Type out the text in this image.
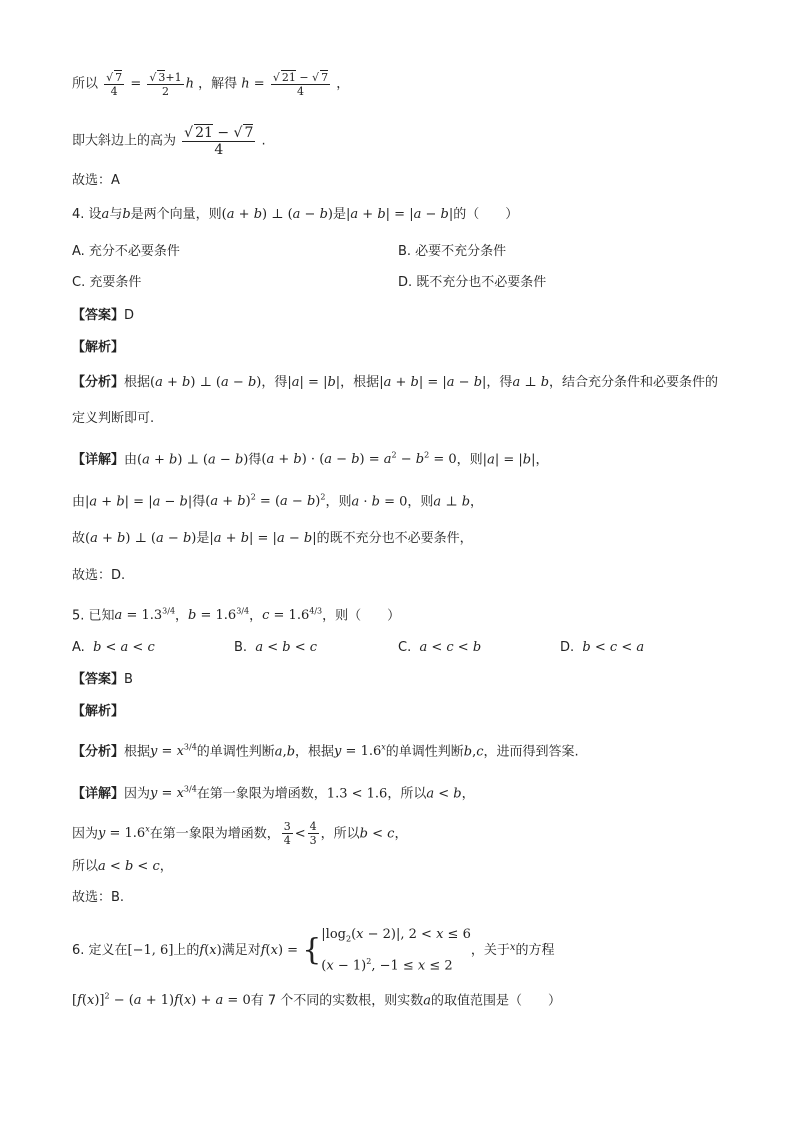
所以 $\frac{√ 7}{4} = \frac{√ 3+1}{2}$ h ，解得 $h = \frac{√ 21 - √ 7}{4}$ ，
即大斜边上的高为 $\frac{√ 21 - √ 7}{4}$ .
故选：A
4. 设a与b是两个向量，则(a + b) ⊥ (a − b)是|a + b| = |a − b|的（　　）
A. 充分不必要条件	B. 必要不充分条件
C. 充要条件	D. 既不充分也不必要条件
【答案】D
【解析】
【分析】根据(a + b) ⊥ (a − b)，得|a| = |b|，根据|a + b| = |a − b|，得a ⊥ b，结合充分条件和必要条件的
定义判断即可.
【详解】由(a + b) ⊥ (a − b)得$(a + b) \cdot (a - b) = a^2 - b^2 = 0$，则|a| = |b|，
由|a + b| = |a − b|得$(a + b)^2 = (a - b)^2$，则a · b = 0，则a ⊥ b，
故(a + b) ⊥ (a − b)是|a + b| = |a − b|的既不充分也不必要条件，
故选：D.
5. 已知$a = 1.3^{3/4}$，$b = 1.6^{3/4}$，$c = 1.6^{4/3}$，则（　　）
A. b < a < c	B. a < b < c	C. a < c < b	D. b < c < a
【答案】B
【解析】
【分析】根据$y = x^{3/4}$的单调性判断a,b，根据$y = 1.6^x$的单调性判断b,c，进而得到答案.
【详解】因为$y = x^{3/4}$在第一象限为增函数，1.3 < 1.6，所以a < b，
因为$y = 1.6^x$在第一象限为增函数， $\frac{3}{4} < \frac{4}{3}$ ，所以b < c，
所以a < b < c，
故选：B.
6. 定义在[−1, 6]上的f(x)满足对$f(x) = \{|\log_2(x - 2)|$, 2 < x ≤ 6
$(x - 1)^2$, −1 ≤ x ≤ 2，关于$^x$的方程
$[f(x)]^2 - (a + 1)f(x) + a = 0$有 7 个不同的实数根，则实数a的取值范围是（　　）
